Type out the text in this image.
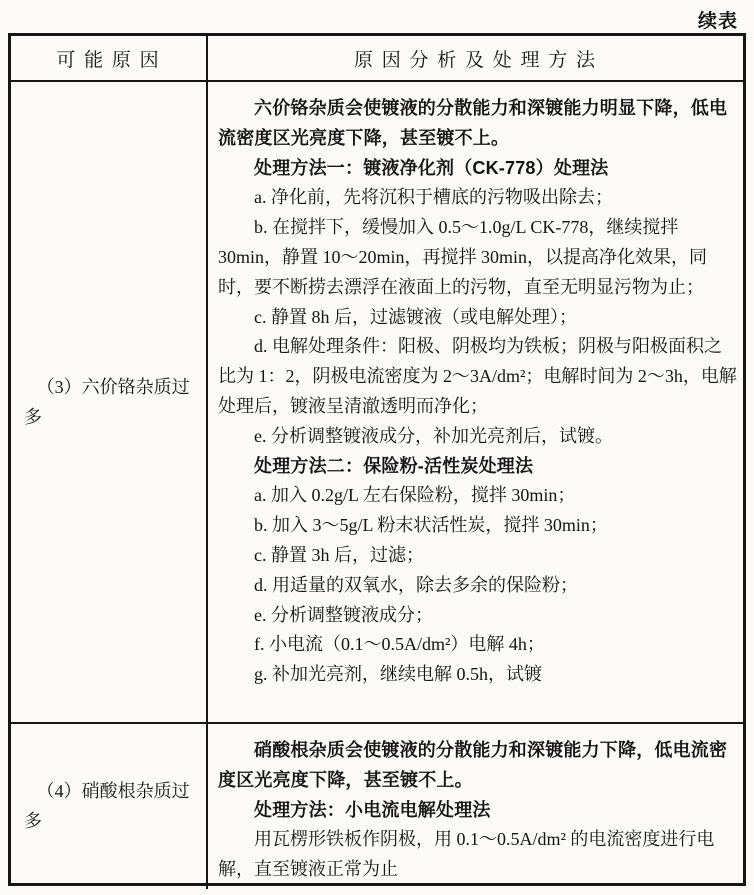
续表
可 能 原 因	原 因 分 析 及 处 理 方 法
（3）六价铬杂质过多

六价铬杂质会使镀液的分散能力和深镀能力明显下降，低电流密度区光亮度下降，甚至镀不上。

处理方法一：镀液净化剂（CK-778）处理法

a. 净化前，先将沉积于槽底的污物吸出除去；

b. 在搅拌下，缓慢加入 0.5～1.0g/L CK-778，继续搅拌 30min，静置 10～20min，再搅拌 30min，以提高净化效果，同时，要不断捞去漂浮在液面上的污物，直至无明显污物为止；

c. 静置 8h 后，过滤镀液（或电解处理）；

d. 电解处理条件：阳极、阴极均为铁板；阴极与阳极面积之比为 1：2，阴极电流密度为 2～3A/dm²；电解时间为 2～3h，电解处理后，镀液呈清澈透明而净化；

e. 分析调整镀液成分，补加光亮剂后，试镀。

处理方法二：保险粉-活性炭处理法

a. 加入 0.2g/L 左右保险粉，搅拌 30min；

b. 加入 3～5g/L 粉末状活性炭，搅拌 30min；

c. 静置 3h 后，过滤；

d. 用适量的双氧水，除去多余的保险粉；

e. 分析调整镀液成分；

f. 小电流（0.1～0.5A/dm²）电解 4h；

g. 补加光亮剂，继续电解 0.5h，试镀

（4）硝酸根杂质过多

硝酸根杂质会使镀液的分散能力和深镀能力下降，低电流密度区光亮度下降，甚至镀不上。

处理方法：小电流电解处理法

用瓦楞形铁板作阴极，用 0.1～0.5A/dm² 的电流密度进行电解，直至镀液正常为止
